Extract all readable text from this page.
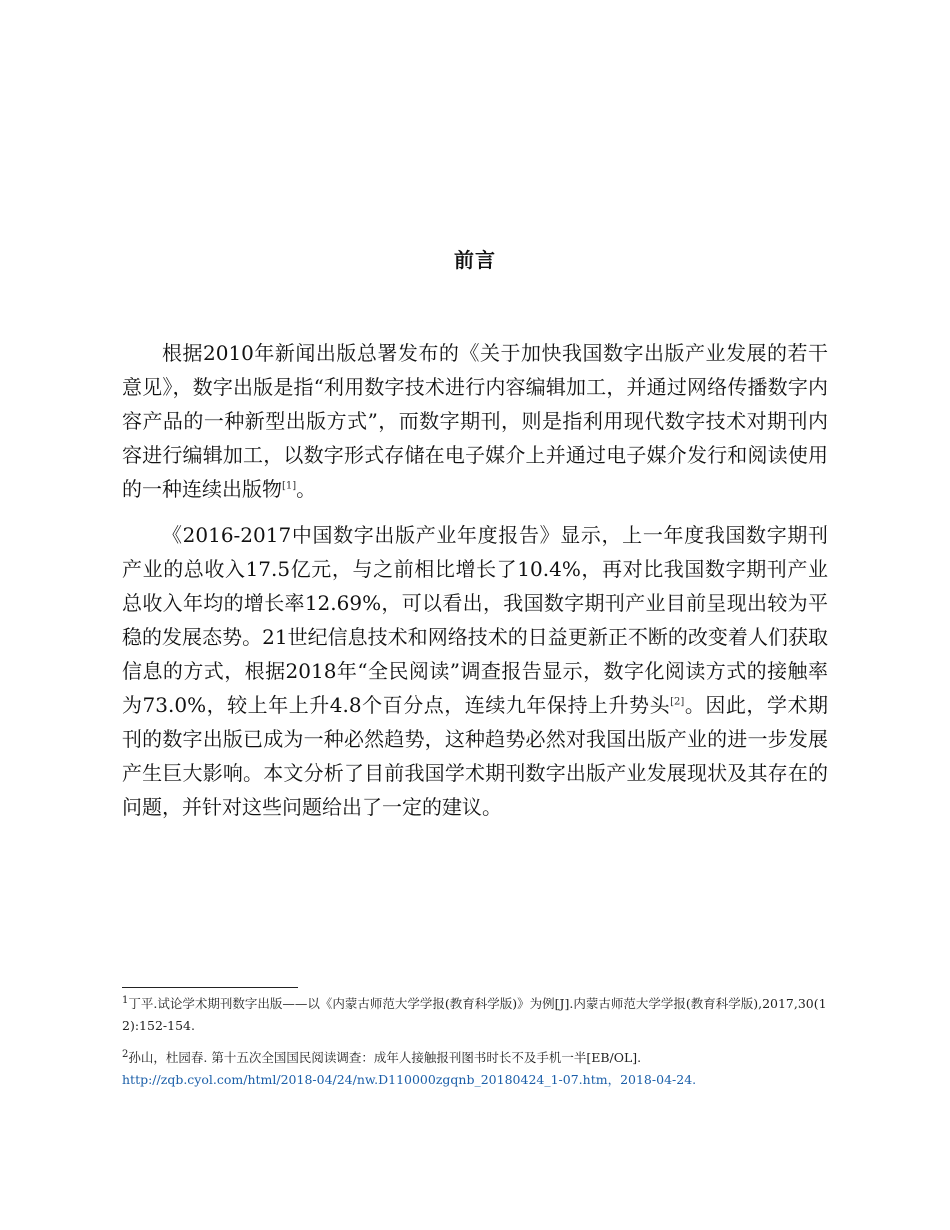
前言

根据2010年新闻出版总署发布的《关于加快我国数字出版产业发展的若干意见》，数字出版是指“利用数字技术进行内容编辑加工，并通过网络传播数字内容产品的一种新型出版方式”，而数字期刊，则是指利用现代数字技术对期刊内容进行编辑加工，以数字形式存储在电子媒介上并通过电子媒介发行和阅读使用的一种连续出版物[1]。

《2016-2017中国数字出版产业年度报告》显示，上一年度我国数字期刊产业的总收入17.5亿元，与之前相比增长了10.4%，再对比我国数字期刊产业总收入年均的增长率12.69%，可以看出，我国数字期刊产业目前呈现出较为平稳的发展态势。21世纪信息技术和网络技术的日益更新正不断的改变着人们获取信息的方式，根据2018年“全民阅读”调查报告显示，数字化阅读方式的接触率为73.0%，较上年上升4.8个百分点，连续九年保持上升势头[2]。因此，学术期刊的数字出版已成为一种必然趋势，这种趋势必然对我国出版产业的进一步发展产生巨大影响。本文分析了目前我国学术期刊数字出版产业发展现状及其存在的问题，并针对这些问题给出了一定的建议。

$^1$丁平.试论学术期刊数字出版——以《内蒙古师范大学学报(教育科学版)》为例[J].内蒙古师范大学学报(教育科学版),2017,30(12):152-154.

$^2$孙山，杜园春. 第十五次全国国民阅读调查：成年人接触报刊图书时长不及手机一半[EB/OL].
http://zqb.cyol.com/html/2018-04/24/nw.D110000zgqnb_20180424_1-07.htm，2018-04-24.
